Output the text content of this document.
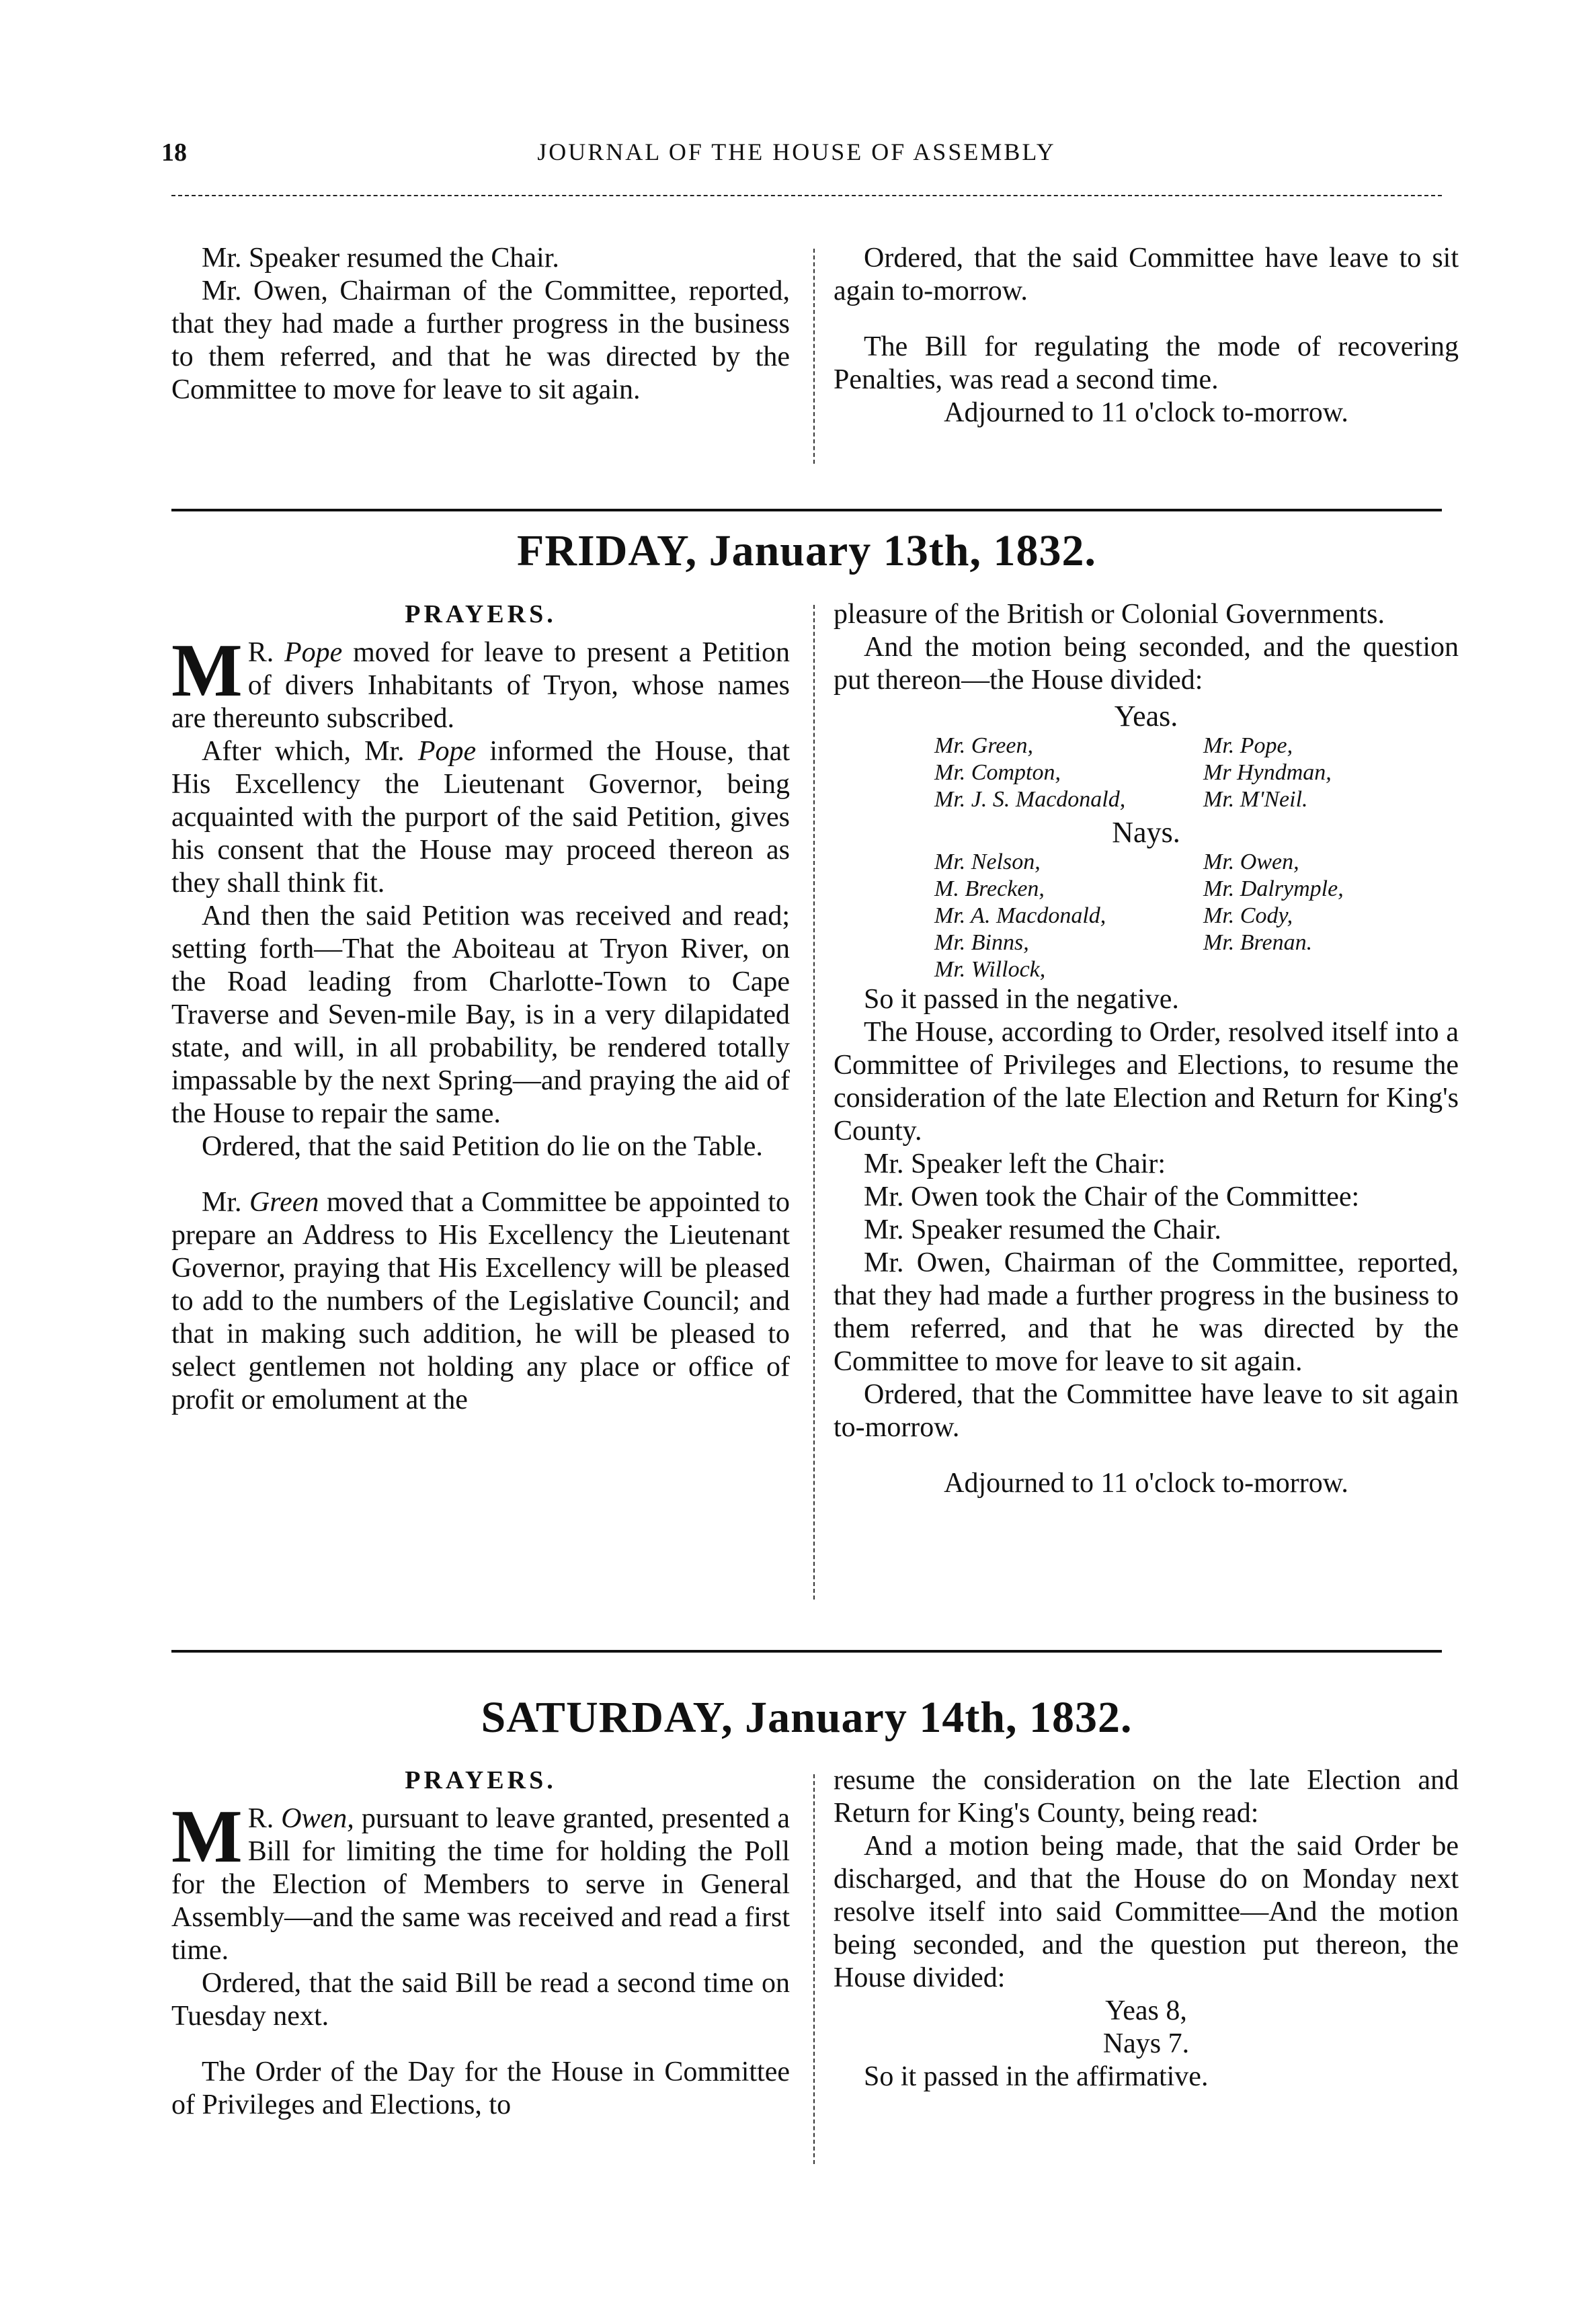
18	JOURNAL OF THE HOUSE OF ASSEMBLY

Mr. Speaker resumed the Chair.

Mr. Owen, Chairman of the Committee, reported, that they had made a further progress in the business to them referred, and that he was directed by the Committee to move for leave to sit again.

Ordered, that the said Committee have leave to sit again to-morrow.

The Bill for regulating the mode of recovering Penalties, was read a second time.

Adjourned to 11 o'clock to-morrow.

FRIDAY, January 13th, 1832.

PRAYERS.

M R. Pope moved for leave to present a Petition of divers Inhabitants of Tryon, whose names are thereunto subscribed.

After which, Mr. Pope informed the House, that His Excellency the Lieutenant Governor, being acquainted with the purport of the said Petition, gives his consent that the House may proceed thereon as they shall think fit.

And then the said Petition was received and read; setting forth—That the Aboiteau at Tryon River, on the Road leading from Charlotte-Town to Cape Traverse and Seven-mile Bay, is in a very dilapidated state, and will, in all probability, be rendered totally impassable by the next Spring—and praying the aid of the House to repair the same.

Ordered, that the said Petition do lie on the Table.

Mr. Green moved that a Committee be appointed to prepare an Address to His Excellency the Lieutenant Governor, praying that His Excellency will be pleased to add to the numbers of the Legislative Council; and that in making such addition, he will be pleased to select gentlemen not holding any place or office of profit or emolument at the

pleasure of the British or Colonial Governments.

And the motion being seconded, and the question put thereon—the House divided:

Yeas.

Mr. Green,	Mr. Pope,
Mr. Compton,	Mr Hyndman,
Mr. J. S. Macdonald,	Mr. M'Neil.

Nays.

Mr. Nelson,	Mr. Owen,
M. Brecken,	Mr. Dalrymple,
Mr. A. Macdonald,	Mr. Cody,
Mr. Binns,	Mr. Brenan.
Mr. Willock,

So it passed in the negative.

The House, according to Order, resolved itself into a Committee of Privileges and Elections, to resume the consideration of the late Election and Return for King's County.

Mr. Speaker left the Chair:

Mr. Owen took the Chair of the Committee:

Mr. Speaker resumed the Chair.

Mr. Owen, Chairman of the Committee, reported, that they had made a further progress in the business to them referred, and that he was directed by the Committee to move for leave to sit again.

Ordered, that the Committee have leave to sit again to-morrow.

Adjourned to 11 o'clock to-morrow.

SATURDAY, January 14th, 1832.

PRAYERS.

M R. Owen, pursuant to leave granted, presented a Bill for limiting the time for holding the Poll for the Election of Members to serve in General Assembly—and the same was received and read a first time.

Ordered, that the said Bill be read a second time on Tuesday next.

The Order of the Day for the House in Committee of Privileges and Elections, to

resume the consideration on the late Election and Return for King's County, being read:

And a motion being made, that the said Order be discharged, and that the House do on Monday next resolve itself into said Committee—And the motion being seconded, and the question put thereon, the House divided:

Yeas 8,

Nays 7.

So it passed in the affirmative.
